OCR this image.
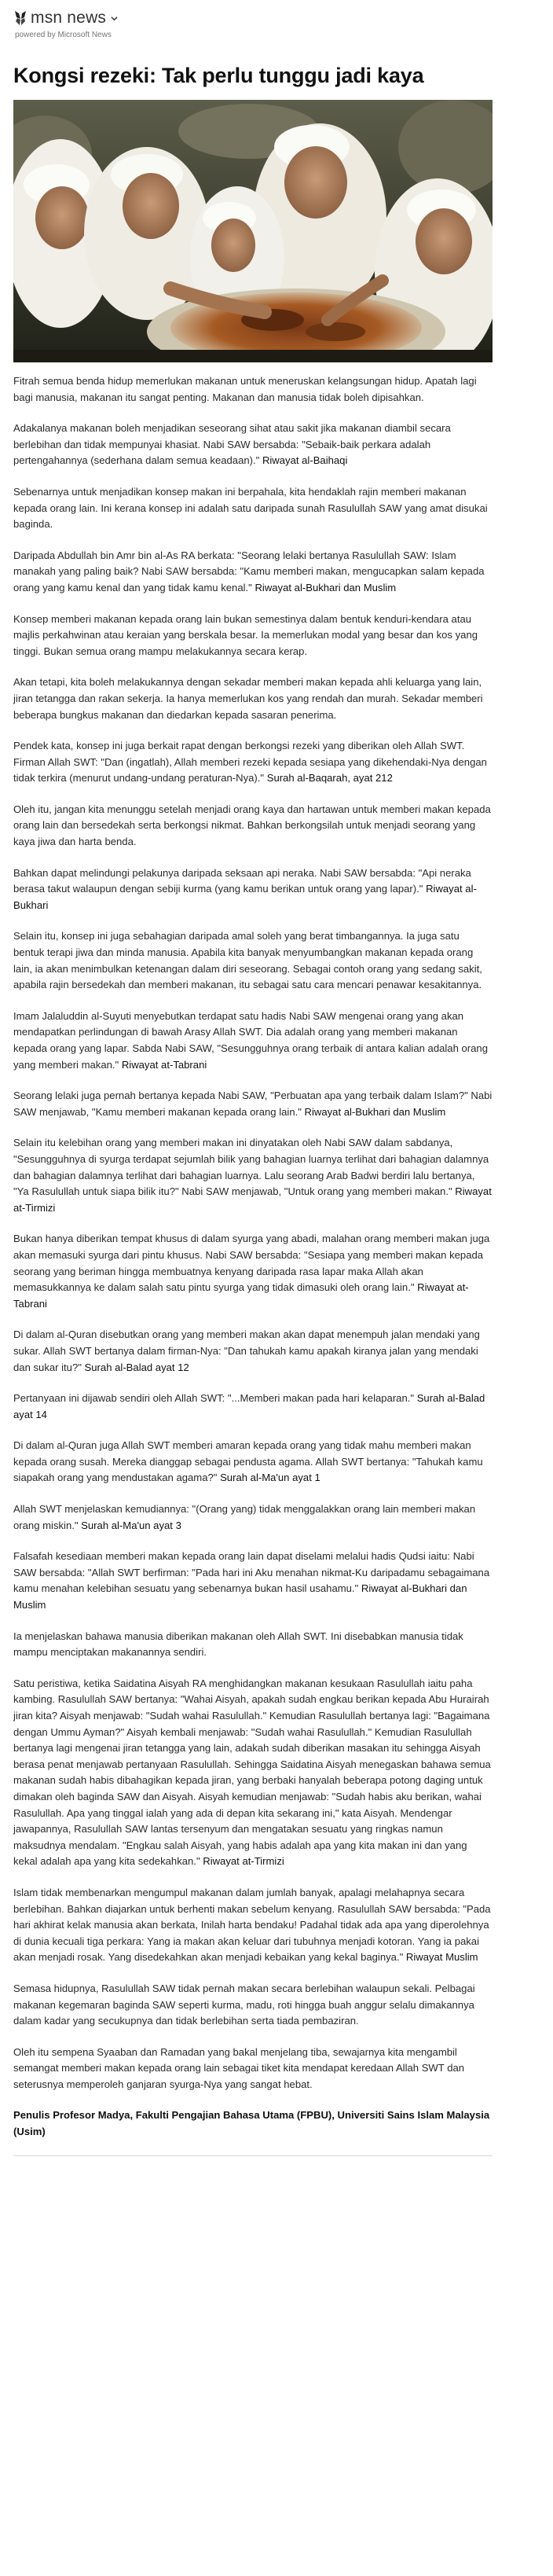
msn news
powered by Microsoft News
Kongsi rezeki: Tak perlu tunggu jadi kaya

Fitrah semua benda hidup memerlukan makanan untuk meneruskan kelangsungan hidup. Apatah lagi bagi manusia, makanan itu sangat penting. Makanan dan manusia tidak boleh dipisahkan.

Adakalanya makanan boleh menjadikan seseorang sihat atau sakit jika makanan diambil secara berlebihan dan tidak mempunyai khasiat. Nabi SAW bersabda: "Sebaik-baik perkara adalah pertengahannya (sederhana dalam semua keadaan)." Riwayat al-Baihaqi

Sebenarnya untuk menjadikan konsep makan ini berpahala, kita hendaklah rajin memberi makanan kepada orang lain. Ini kerana konsep ini adalah satu daripada sunah Rasulullah SAW yang amat disukai baginda.

Daripada Abdullah bin Amr bin al-As RA berkata: "Seorang lelaki bertanya Rasulullah SAW: Islam manakah yang paling baik? Nabi SAW bersabda: "Kamu memberi makan, mengucapkan salam kepada orang yang kamu kenal dan yang tidak kamu kenal." Riwayat al-Bukhari dan Muslim

Konsep memberi makanan kepada orang lain bukan semestinya dalam bentuk kenduri-kendara atau majlis perkahwinan atau keraian yang berskala besar. Ia memerlukan modal yang besar dan kos yang tinggi. Bukan semua orang mampu melakukannya secara kerap.

Akan tetapi, kita boleh melakukannya dengan sekadar memberi makan kepada ahli keluarga yang lain, jiran tetangga dan rakan sekerja. Ia hanya memerlukan kos yang rendah dan murah. Sekadar memberi beberapa bungkus makanan dan diedarkan kepada sasaran penerima.

Pendek kata, konsep ini juga berkait rapat dengan berkongsi rezeki yang diberikan oleh Allah SWT. Firman Allah SWT: "Dan (ingatlah), Allah memberi rezeki kepada sesiapa yang dikehendaki-Nya dengan tidak terkira (menurut undang-undang peraturan-Nya)." Surah al-Baqarah, ayat 212

Oleh itu, jangan kita menunggu setelah menjadi orang kaya dan hartawan untuk memberi makan kepada orang lain dan bersedekah serta berkongsi nikmat. Bahkan berkongsilah untuk menjadi seorang yang kaya jiwa dan harta benda.

Bahkan dapat melindungi pelakunya daripada seksaan api neraka. Nabi SAW bersabda: "Api neraka berasa takut walaupun dengan sebiji kurma (yang kamu berikan untuk orang yang lapar)." Riwayat al-Bukhari

Selain itu, konsep ini juga sebahagian daripada amal soleh yang berat timbangannya. Ia juga satu bentuk terapi jiwa dan minda manusia. Apabila kita banyak menyumbangkan makanan kepada orang lain, ia akan menimbulkan ketenangan dalam diri seseorang. Sebagai contoh orang yang sedang sakit, apabila rajin bersedekah dan memberi makanan, itu sebagai satu cara mencari penawar kesakitannya.

Imam Jalaluddin al-Suyuti menyebutkan terdapat satu hadis Nabi SAW mengenai orang yang akan mendapatkan perlindungan di bawah Arasy Allah SWT. Dia adalah orang yang memberi makanan kepada orang yang lapar. Sabda Nabi SAW, "Sesungguhnya orang terbaik di antara kalian adalah orang yang memberi makan." Riwayat at-Tabrani

Seorang lelaki juga pernah bertanya kepada Nabi SAW, "Perbuatan apa yang terbaik dalam Islam?" Nabi SAW menjawab, "Kamu memberi makanan kepada orang lain." Riwayat al-Bukhari dan Muslim

Selain itu kelebihan orang yang memberi makan ini dinyatakan oleh Nabi SAW dalam sabdanya, "Sesungguhnya di syurga terdapat sejumlah bilik yang bahagian luarnya terlihat dari bahagian dalamnya dan bahagian dalamnya terlihat dari bahagian luarnya. Lalu seorang Arab Badwi berdiri lalu bertanya, "Ya Rasulullah untuk siapa bilik itu?" Nabi SAW menjawab, "Untuk orang yang memberi makan." Riwayat at-Tirmizi

Bukan hanya diberikan tempat khusus di dalam syurga yang abadi, malahan orang memberi makan juga akan memasuki syurga dari pintu khusus. Nabi SAW bersabda: "Sesiapa yang memberi makan kepada seorang yang beriman hingga membuatnya kenyang daripada rasa lapar maka Allah akan memasukkannya ke dalam salah satu pintu syurga yang tidak dimasuki oleh orang lain." Riwayat at-Tabrani

Di dalam al-Quran disebutkan orang yang memberi makan akan dapat menempuh jalan mendaki yang sukar. Allah SWT bertanya dalam firman-Nya: "Dan tahukah kamu apakah kiranya jalan yang mendaki dan sukar itu?" Surah al-Balad ayat 12

Pertanyaan ini dijawab sendiri oleh Allah SWT: "...Memberi makan pada hari kelaparan." Surah al-Balad ayat 14

Di dalam al-Quran juga Allah SWT memberi amaran kepada orang yang tidak mahu memberi makan kepada orang susah. Mereka dianggap sebagai pendusta agama. Allah SWT bertanya: "Tahukah kamu siapakah orang yang mendustakan agama?" Surah al-Ma'un ayat 1

Allah SWT menjelaskan kemudiannya: "(Orang yang) tidak menggalakkan orang lain memberi makan orang miskin." Surah al-Ma'un ayat 3

Falsafah kesediaan memberi makan kepada orang lain dapat diselami melalui hadis Qudsi iaitu: Nabi SAW bersabda: "Allah SWT berfirman: "Pada hari ini Aku menahan nikmat-Ku daripadamu sebagaimana kamu menahan kelebihan sesuatu yang sebenarnya bukan hasil usahamu." Riwayat al-Bukhari dan Muslim

Ia menjelaskan bahawa manusia diberikan makanan oleh Allah SWT. Ini disebabkan manusia tidak mampu menciptakan makanannya sendiri.

Satu peristiwa, ketika Saidatina Aisyah RA menghidangkan makanan kesukaan Rasulullah iaitu paha kambing. Rasulullah SAW bertanya: "Wahai Aisyah, apakah sudah engkau berikan kepada Abu Hurairah jiran kita? Aisyah menjawab: "Sudah wahai Rasulullah." Kemudian Rasulullah bertanya lagi: "Bagaimana dengan Ummu Ayman?" Aisyah kembali menjawab: "Sudah wahai Rasulullah." Kemudian Rasulullah bertanya lagi mengenai jiran tetangga yang lain, adakah sudah diberikan masakan itu sehingga Aisyah berasa penat menjawab pertanyaan Rasulullah. Sehingga Saidatina Aisyah menegaskan bahawa semua makanan sudah habis dibahagikan kepada jiran, yang berbaki hanyalah beberapa potong daging untuk dimakan oleh baginda SAW dan Aisyah. Aisyah kemudian menjawab: "Sudah habis aku berikan, wahai Rasulullah. Apa yang tinggal ialah yang ada di depan kita sekarang ini," kata Aisyah. Mendengar jawapannya, Rasulullah SAW lantas tersenyum dan mengatakan sesuatu yang ringkas namun maksudnya mendalam. "Engkau salah Aisyah, yang habis adalah apa yang kita makan ini dan yang kekal adalah apa yang kita sedekahkan." Riwayat at-Tirmizi

Islam tidak membenarkan mengumpul makanan dalam jumlah banyak, apalagi melahapnya secara berlebihan. Bahkan diajarkan untuk berhenti makan sebelum kenyang. Rasulullah SAW bersabda: "Pada hari akhirat kelak manusia akan berkata, Inilah harta bendaku! Padahal tidak ada apa yang diperolehnya di dunia kecuali tiga perkara: Yang ia makan akan keluar dari tubuhnya menjadi kotoran. Yang ia pakai akan menjadi rosak. Yang disedekahkan akan menjadi kebaikan yang kekal baginya." Riwayat Muslim

Semasa hidupnya, Rasulullah SAW tidak pernah makan secara berlebihan walaupun sekali. Pelbagai makanan kegemaran baginda SAW seperti kurma, madu, roti hingga buah anggur selalu dimakannya dalam kadar yang secukupnya dan tidak berlebihan serta tiada pembaziran.

Oleh itu sempena Syaaban dan Ramadan yang bakal menjelang tiba, sewajarnya kita mengambil semangat memberi makan kepada orang lain sebagai tiket kita mendapat keredaan Allah SWT dan seterusnya memperoleh ganjaran syurga-Nya yang sangat hebat.

Penulis Profesor Madya, Fakulti Pengajian Bahasa Utama (FPBU), Universiti Sains Islam Malaysia (Usim)
